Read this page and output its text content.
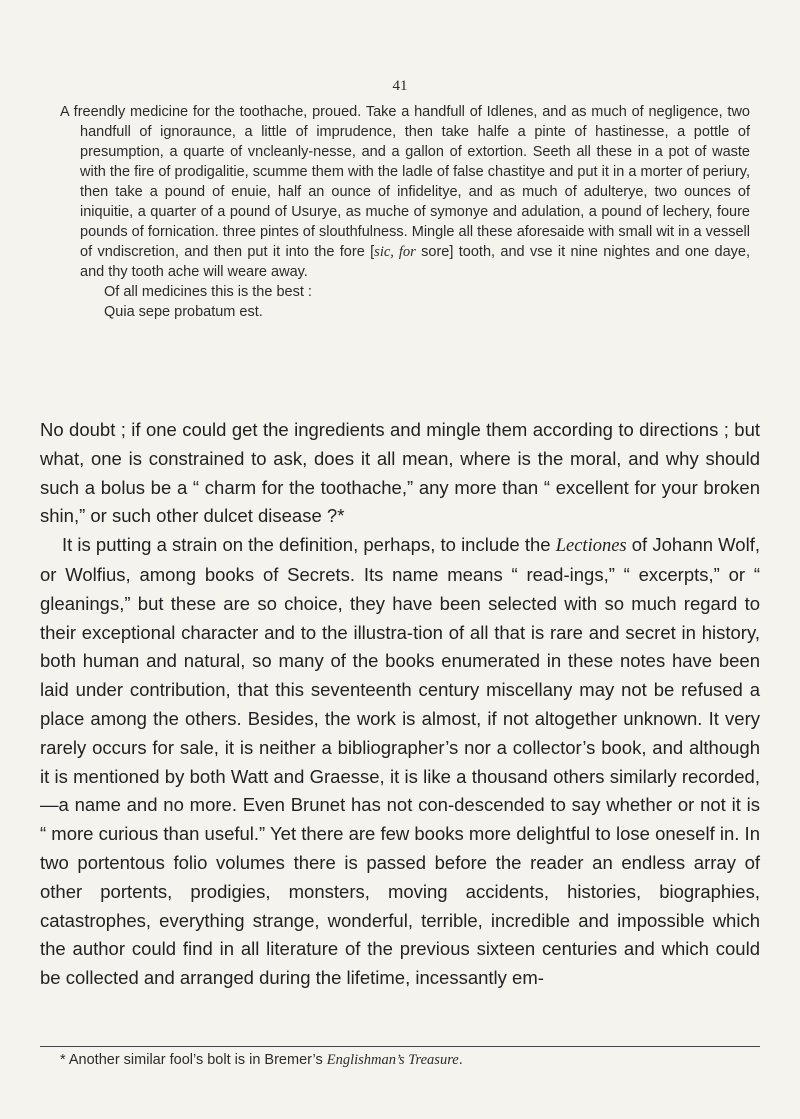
41

A freendly medicine for the toothache, proued. Take a handfull of Idlenes, and as much of negligence, two handfull of ignoraunce, a little of imprudence, then take halfe a pinte of hastinesse, a pottle of presumption, a quarte of vncleanly-nesse, and a gallon of extortion. Seeth all these in a pot of waste with the fire of prodigalitie, scumme them with the ladle of false chastitye and put it in a morter of periury, then take a pound of enuie, half an ounce of infidelitye, and as much of adulterye, two ounces of iniquitie, a quarter of a pound of Usurye, as muche of symonye and adulation, a pound of lechery, foure pounds of fornication. three pintes of slouthfulness. Mingle all these aforesaide with small wit in a vessell of vndiscretion, and then put it into the fore [sic, for sore] tooth, and vse it nine nightes and one daye, and thy tooth ache will weare away.

Of all medicines this is the best :

Quia sepe probatum est.

No doubt ; if one could get the ingredients and mingle them according to directions ; but what, one is constrained to ask, does it all mean, where is the moral, and why should such a bolus be a “ charm for the toothache,” any more than “ excellent for your broken shin,” or such other dulcet disease ?*

It is putting a strain on the definition, perhaps, to include the Lectiones of Johann Wolf, or Wolfius, among books of Secrets. Its name means “ read-ings,” “ excerpts,” or “ gleanings,” but these are so choice, they have been selected with so much regard to their exceptional character and to the illustra-tion of all that is rare and secret in history, both human and natural, so many of the books enumerated in these notes have been laid under contribution, that this seventeenth century miscellany may not be refused a place among the others. Besides, the work is almost, if not altogether unknown. It very rarely occurs for sale, it is neither a bibliographer’s nor a collector’s book, and although it is mentioned by both Watt and Graesse, it is like a thousand others similarly recorded,—a name and no more. Even Brunet has not con-descended to say whether or not it is “ more curious than useful.” Yet there are few books more delightful to lose oneself in. In two portentous folio volumes there is passed before the reader an endless array of other portents, prodigies, monsters, moving accidents, histories, biographies, catastrophes, everything strange, wonderful, terrible, incredible and impossible which the author could find in all literature of the previous sixteen centuries and which could be collected and arranged during the lifetime, incessantly em-

* Another similar fool’s bolt is in Bremer’s Englishman’s Treasure.
